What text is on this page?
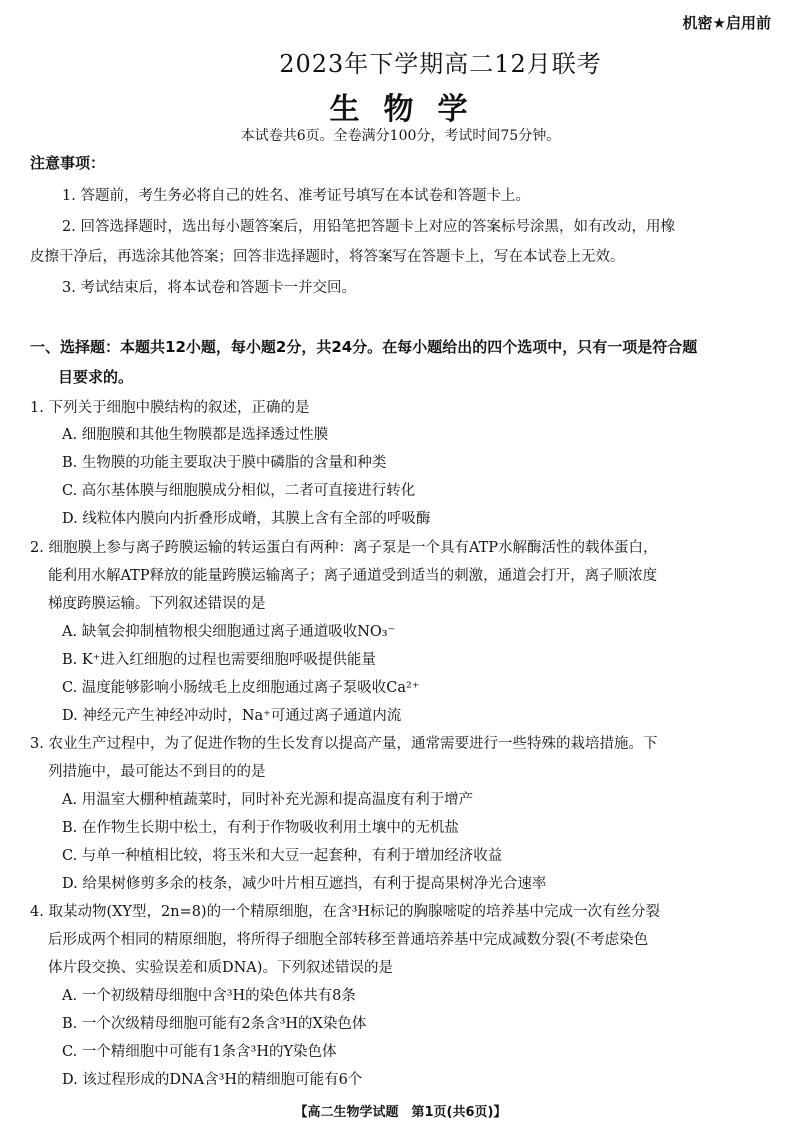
机密★启用前
2023年下学期高二12月联考
生物学
本试卷共6页。全卷满分100分，考试时间75分钟。
注意事项：
1. 答题前，考生务必将自己的姓名、准考证号填写在本试卷和答题卡上。
2. 回答选择题时，选出每小题答案后，用铅笔把答题卡上对应的答案标号涂黑，如有改动，用橡
皮擦干净后，再选涂其他答案；回答非选择题时，将答案写在答题卡上，写在本试卷上无效。
3. 考试结束后，将本试卷和答题卡一并交回。
一、选择题：本题共12小题，每小题2分，共24分。在每小题给出的四个选项中，只有一项是符合题
目要求的。
1. 下列关于细胞中膜结构的叙述，正确的是
A. 细胞膜和其他生物膜都是选择透过性膜
B. 生物膜的功能主要取决于膜中磷脂的含量和种类
C. 高尔基体膜与细胞膜成分相似，二者可直接进行转化
D. 线粒体内膜向内折叠形成嵴，其膜上含有全部的呼吸酶
2. 细胞膜上参与离子跨膜运输的转运蛋白有两种：离子泵是一个具有ATP水解酶活性的载体蛋白，
能利用水解ATP释放的能量跨膜运输离子；离子通道受到适当的刺激，通道会打开，离子顺浓度
梯度跨膜运输。下列叙述错误的是
A. 缺氧会抑制植物根尖细胞通过离子通道吸收NO₃⁻
B. K⁺进入红细胞的过程也需要细胞呼吸提供能量
C. 温度能够影响小肠绒毛上皮细胞通过离子泵吸收Ca²⁺
D. 神经元产生神经冲动时，Na⁺可通过离子通道内流
3. 农业生产过程中，为了促进作物的生长发育以提高产量，通常需要进行一些特殊的栽培措施。下
列措施中，最可能达不到目的的是
A. 用温室大棚种植蔬菜时，同时补充光源和提高温度有利于增产
B. 在作物生长期中松土，有利于作物吸收利用土壤中的无机盐
C. 与单一种植相比较，将玉米和大豆一起套种，有利于增加经济收益
D. 给果树修剪多余的枝条，减少叶片相互遮挡，有利于提高果树净光合速率
4. 取某动物(XY型，2n=8)的一个精原细胞，在含³H标记的胸腺嘧啶的培养基中完成一次有丝分裂
后形成两个相同的精原细胞，将所得子细胞全部转移至普通培养基中完成减数分裂(不考虑染色
体片段交换、实验误差和质DNA)。下列叙述错误的是
A. 一个初级精母细胞中含³H的染色体共有8条
B. 一个次级精母细胞可能有2条含³H的X染色体
C. 一个精细胞中可能有1条含³H的Y染色体
D. 该过程形成的DNA含³H的精细胞可能有6个
【高二生物学试题　第1页(共6页)】
